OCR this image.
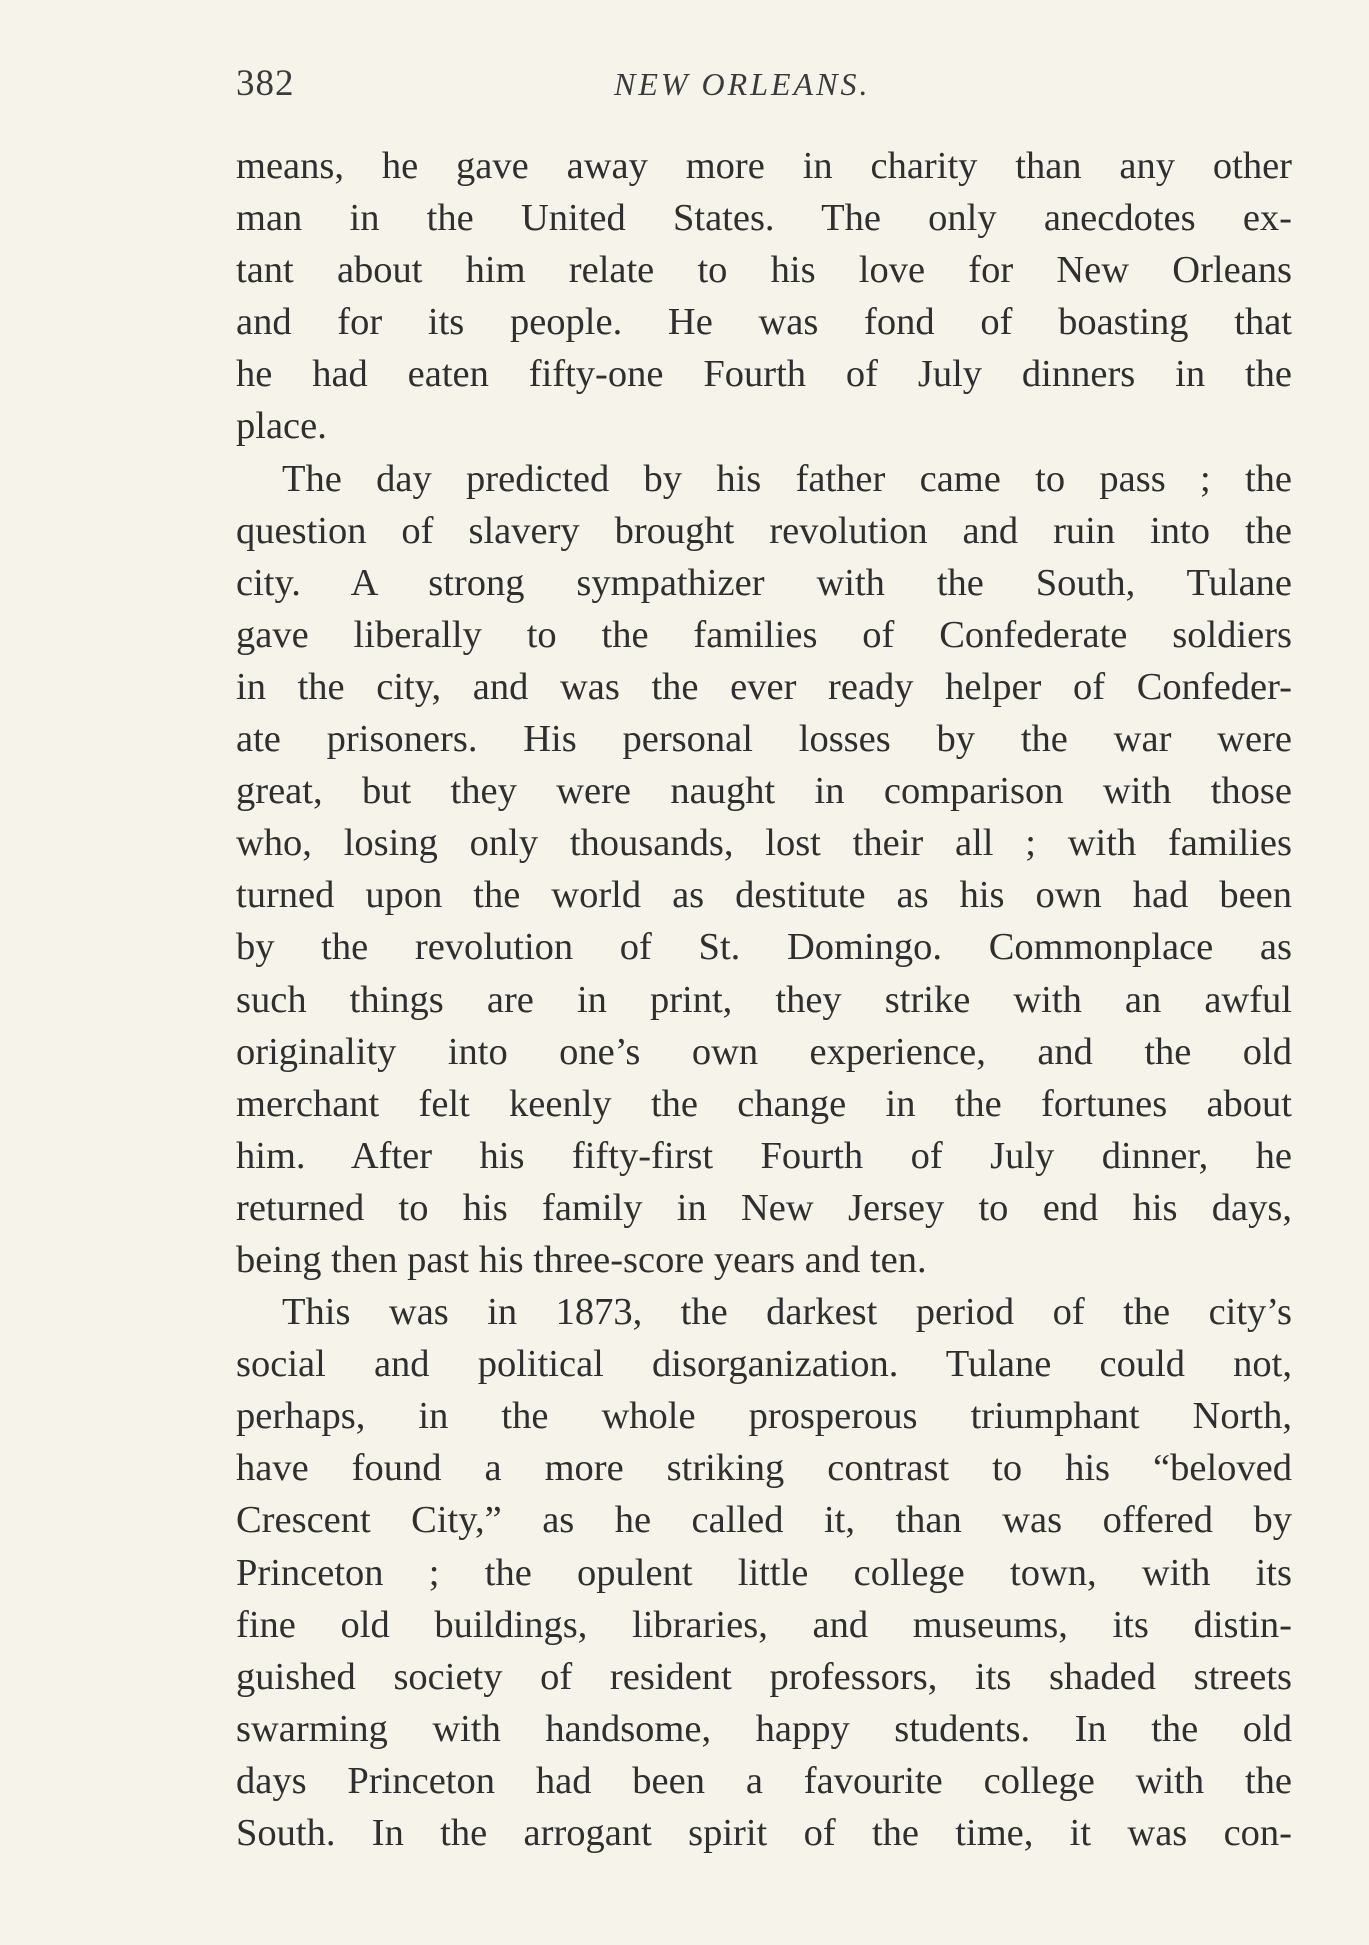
382	NEW ORLEANS.
means, he gave away more in charity than any other
man in the United States. The only anecdotes ex-
tant about him relate to his love for New Orleans
and for its people. He was fond of boasting that
he had eaten fifty-one Fourth of July dinners in the
place.
The day predicted by his father came to pass ; the
question of slavery brought revolution and ruin into the
city. A strong sympathizer with the South, Tulane
gave liberally to the families of Confederate soldiers
in the city, and was the ever ready helper of Confeder-
ate prisoners. His personal losses by the war were
great, but they were naught in comparison with those
who, losing only thousands, lost their all ; with families
turned upon the world as destitute as his own had been
by the revolution of St. Domingo. Commonplace as
such things are in print, they strike with an awful
originality into one’s own experience, and the old
merchant felt keenly the change in the fortunes about
him. After his fifty-first Fourth of July dinner, he
returned to his family in New Jersey to end his days,
being then past his three-score years and ten.
This was in 1873, the darkest period of the city’s
social and political disorganization. Tulane could not,
perhaps, in the whole prosperous triumphant North,
have found a more striking contrast to his “beloved
Crescent City,” as he called it, than was offered by
Princeton ; the opulent little college town, with its
fine old buildings, libraries, and museums, its distin-
guished society of resident professors, its shaded streets
swarming with handsome, happy students. In the old
days Princeton had been a favourite college with the
South. In the arrogant spirit of the time, it was con-
